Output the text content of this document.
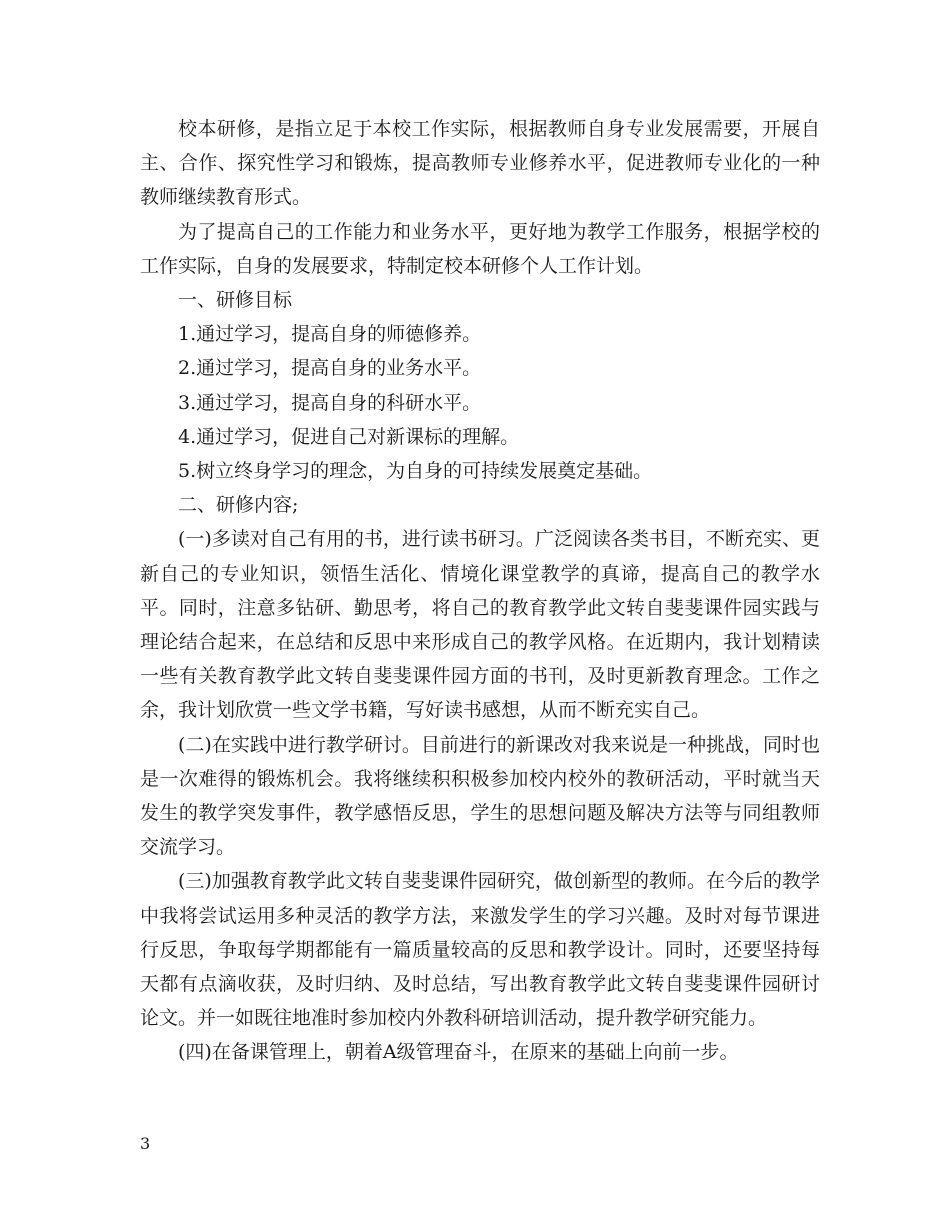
校本研修，是指立足于本校工作实际，根据教师自身专业发展需要，开展自主、合作、探究性学习和锻炼，提高教师专业修养水平，促进教师专业化的一种教师继续教育形式。

为了提高自己的工作能力和业务水平，更好地为教学工作服务，根据学校的工作实际，自身的发展要求，特制定校本研修个人工作计划。

一、研修目标

1.通过学习，提高自身的师德修养。

2.通过学习，提高自身的业务水平。

3.通过学习，提高自身的科研水平。

4.通过学习，促进自己对新课标的理解。

5.树立终身学习的理念，为自身的可持续发展奠定基础。

二、研修内容;

(一)多读对自己有用的书，进行读书研习。广泛阅读各类书目，不断充实、更新自己的专业知识，领悟生活化、情境化课堂教学的真谛，提高自己的教学水平。同时，注意多钻研、勤思考，将自己的教育教学此文转自斐斐课件园实践与理论结合起来，在总结和反思中来形成自己的教学风格。在近期内，我计划精读一些有关教育教学此文转自斐斐课件园方面的书刊，及时更新教育理念。工作之余，我计划欣赏一些文学书籍，写好读书感想，从而不断充实自己。

(二)在实践中进行教学研讨。目前进行的新课改对我来说是一种挑战，同时也是一次难得的锻炼机会。我将继续积积极参加校内校外的教研活动，平时就当天发生的教学突发事件，教学感悟反思，学生的思想问题及解决方法等与同组教师交流学习。

(三)加强教育教学此文转自斐斐课件园研究，做创新型的教师。在今后的教学中我将尝试运用多种灵活的教学方法，来激发学生的学习兴趣。及时对每节课进行反思，争取每学期都能有一篇质量较高的反思和教学设计。同时，还要坚持每天都有点滴收获，及时归纳、及时总结，写出教育教学此文转自斐斐课件园研讨论文。并一如既往地准时参加校内外教科研培训活动，提升教学研究能力。

(四)在备课管理上，朝着A级管理奋斗，在原来的基础上向前一步。

3
